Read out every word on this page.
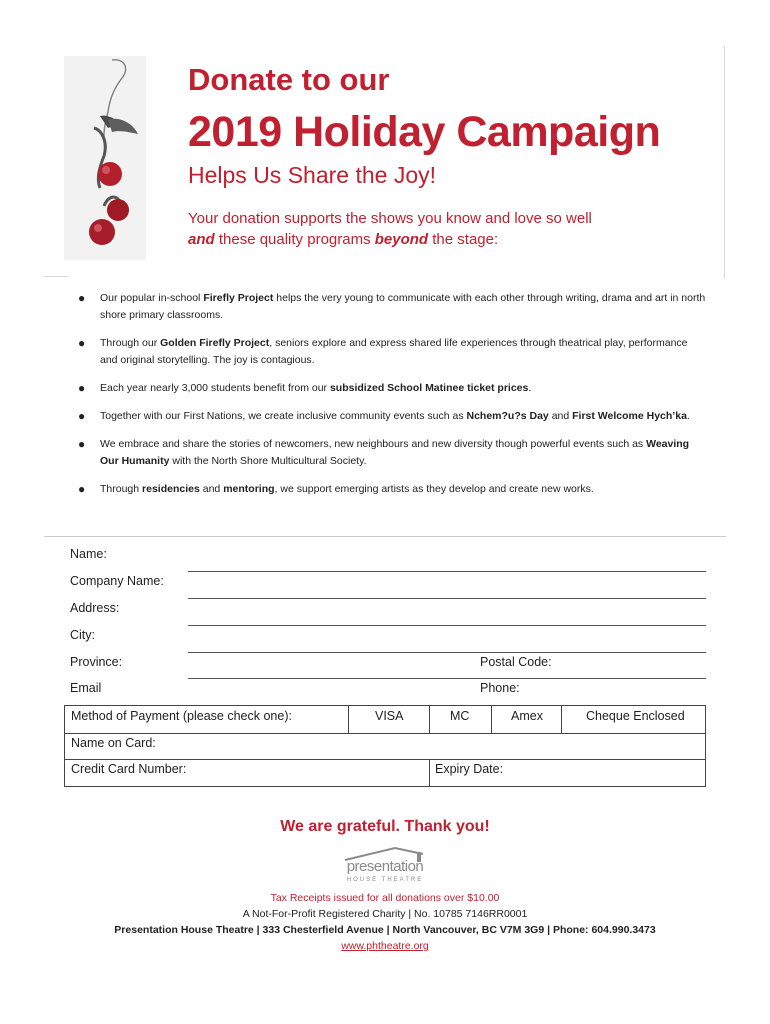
Donate to our
2019 Holiday Campaign
Helps Us Share the Joy!
Your donation supports the shows you know and love so well
and these quality programs beyond the stage:
● Our popular in-school Firefly Project helps the very young to communicate with each other through writing, drama and art in north shore primary classrooms.
● Through our Golden Firefly Project, seniors explore and express shared life experiences through theatrical play, performance and original storytelling. The joy is contagious.
● Each year nearly 3,000 students benefit from our subsidized School Matinee ticket prices.
● Together with our First Nations, we create inclusive community events such as Nchem?u?s Day and First Welcome Hych’ka.
● We embrace and share the stories of newcomers, new neighbours and new diversity though powerful events such as Weaving Our Humanity with the North Shore Multicultural Society.
● Through residencies and mentoring, we support emerging artists as they develop and create new works.
Name:
Company Name:
Address:
City:
Province:	Postal Code:
Email	Phone:
Method of Payment (please check one):	VISA	MC	Amex	Cheque Enclosed
Name on Card:
Credit Card Number:	Expiry Date:
We are grateful. Thank you!
presentation
HOUSE THEATRE
Tax Receipts issued for all donations over $10.00
A Not-For-Profit Registered Charity | No. 10785 7146RR0001
Presentation House Theatre | 333 Chesterfield Avenue | North Vancouver, BC V7M 3G9 | Phone: 604.990.3473
www.phtheatre.org
